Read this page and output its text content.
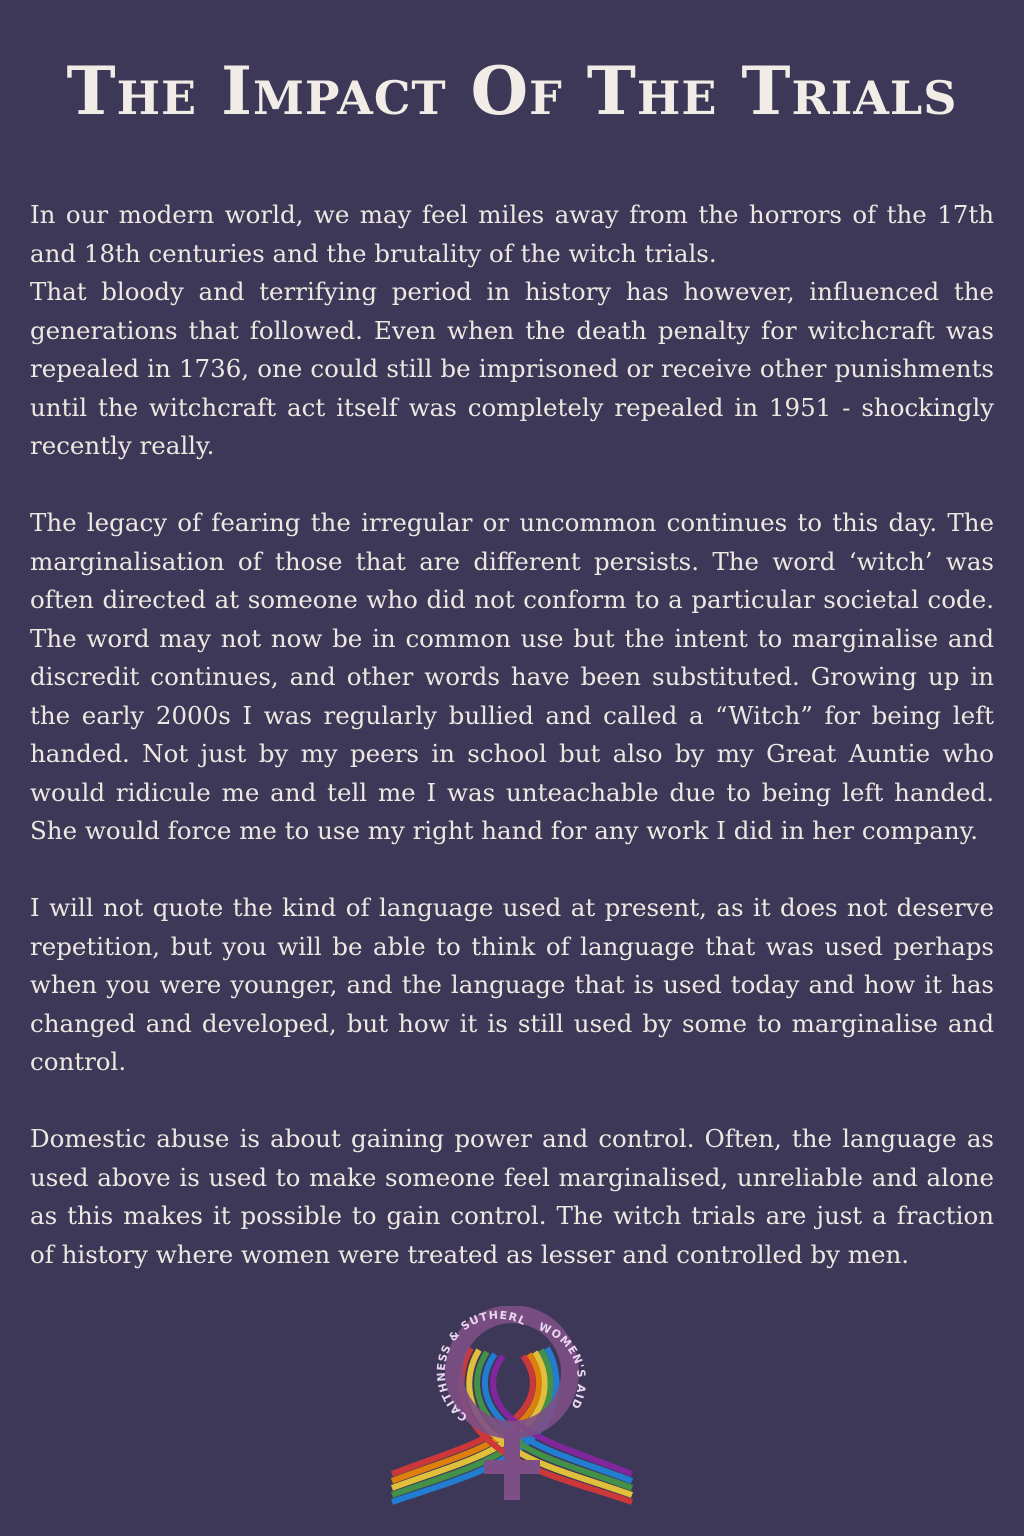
The Impact Of The Trials

In our modern world, we may feel miles away from the horrors of the 17th and 18th centuries and the brutality of the witch trials.

That bloody and terrifying period in history has however, influenced the generations that followed. Even when the death penalty for witchcraft was repealed in 1736, one could still be imprisoned or receive other punishments until the witchcraft act itself was completely repealed in 1951 - shockingly recently really.

The legacy of fearing the irregular or uncommon continues to this day. The marginalisation of those that are different persists. The word ‘witch’ was often directed at someone who did not conform to a particular societal code. The word may not now be in common use but the intent to marginalise and discredit continues, and other words have been substituted. Growing up in the early 2000s I was regularly bullied and called a “Witch” for being left handed. Not just by my peers in school but also by my Great Auntie who would ridicule me and tell me I was unteachable due to being left handed. She would force me to use my right hand for any work I did in her company.

I will not quote the kind of language used at present, as it does not deserve repetition, but you will be able to think of language that was used perhaps when you were younger, and the language that is used today and how it has changed and developed, but how it is still used by some to marginalise and control.

Domestic abuse is about gaining power and control. Often, the language as used above is used to make someone feel marginalised, unreliable and alone as this makes it possible to gain control. The witch trials are just a fraction of history where women were treated as lesser and controlled by men.

CAITHNESS & SUTHERL WOMEN'S AID
